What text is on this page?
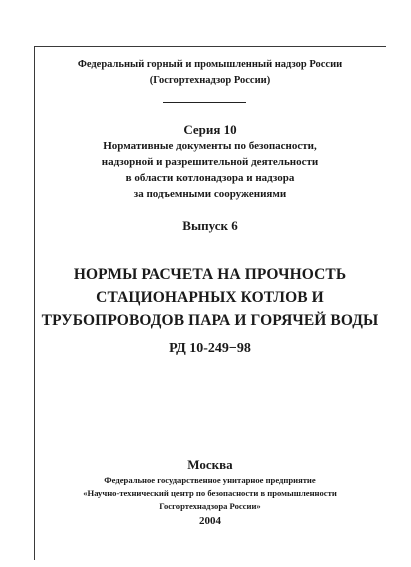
Федеральный горный и промышленный надзор России
(Госгортехнадзор России)
Серия 10
Нормативные документы по безопасности,
надзорной и разрешительной деятельности
в области котлонадзора и надзора
за подъемными сооружениями
Выпуск 6
НОРМЫ РАСЧЕТА НА ПРОЧНОСТЬ
СТАЦИОНАРНЫХ КОТЛОВ И
ТРУБОПРОВОДОВ ПАРА И ГОРЯЧЕЙ ВОДЫ
РД 10-249−98
Москва
Федеральное государственное унитарное предприятие
«Научно-технический центр по безопасности в промышленности
Госгортехнадзора России»
2004
